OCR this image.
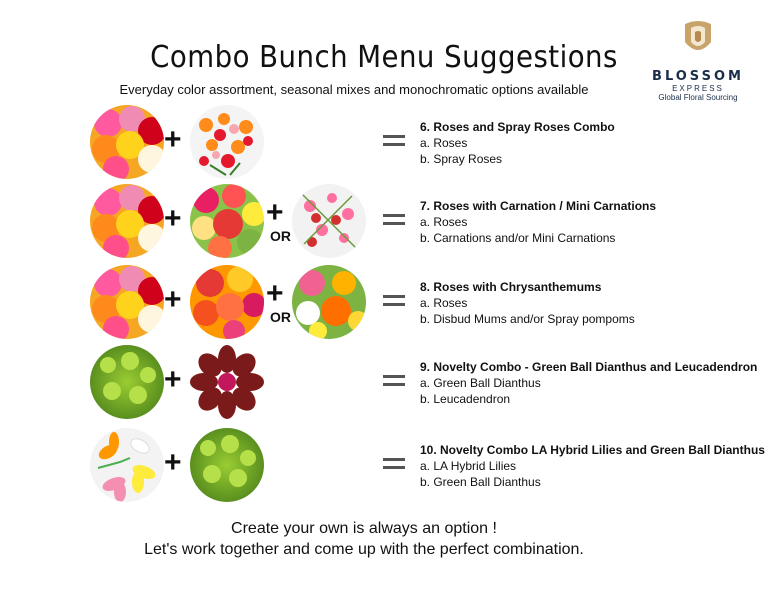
Combo Bunch Menu Suggestions
Everyday color assortment, seasonal mixes and monochromatic options available
BLOSSOM
EXPRESS
Global Floral Sourcing
+	6. Roses and Spray Roses Combo
a. Roses
b. Spray Roses
+	+
OR
7. Roses with Carnation / Mini Carnations
a. Roses
b. Carnations and/or Mini Carnations
+	+
OR
8. Roses with Chrysanthemums
a. Roses
b. Disbud Mums and/or Spray pompoms
+	9. Novelty Combo - Green Ball Dianthus and Leucadendron
a. Green Ball Dianthus
b. Leucadendron
+	10. Novelty Combo LA Hybrid Lilies and Green Ball Dianthus
a. LA Hybrid Lilies
b. Green Ball Dianthus
Create your own is always an option !
Let's work together and come up with the perfect combination.
